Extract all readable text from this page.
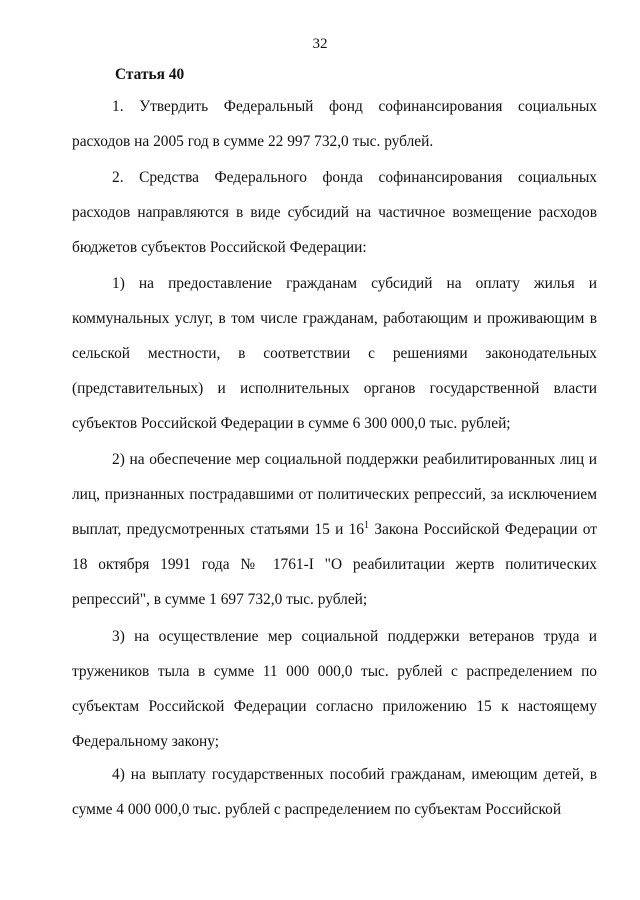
32
Статья 40

1. Утвердить Федеральный фонд софинансирования социальных расходов на 2005 год в сумме 22 997 732,0 тыс. рублей.

2. Средства Федерального фонда софинансирования социальных расходов направляются в виде субсидий на частичное возмещение расходов бюджетов субъектов Российской Федерации:

1) на предоставление гражданам субсидий на оплату жилья и коммунальных услуг, в том числе гражданам, работающим и проживающим в сельской местности, в соответствии с решениями законодательных (представительных) и исполнительных органов государственной власти субъектов Российской Федерации в сумме 6 300 000,0 тыс. рублей;

2) на обеспечение мер социальной поддержки реабилитированных лиц и лиц, признанных пострадавшими от политических репрессий, за исключением выплат, предусмотренных статьями 15 и $16^1$ Закона Российской Федерации от 18 октября 1991 года № 1761-I "О реабилитации жертв политических репрессий", в сумме 1 697 732,0 тыс. рублей;

3) на осуществление мер социальной поддержки ветеранов труда и тружеников тыла в сумме 11 000 000,0 тыс. рублей с распределением по субъектам Российской Федерации согласно приложению 15 к настоящему Федеральному закону;

4) на выплату государственных пособий гражданам, имеющим детей, в сумме 4 000 000,0 тыс. рублей с распределением по субъектам Российской
